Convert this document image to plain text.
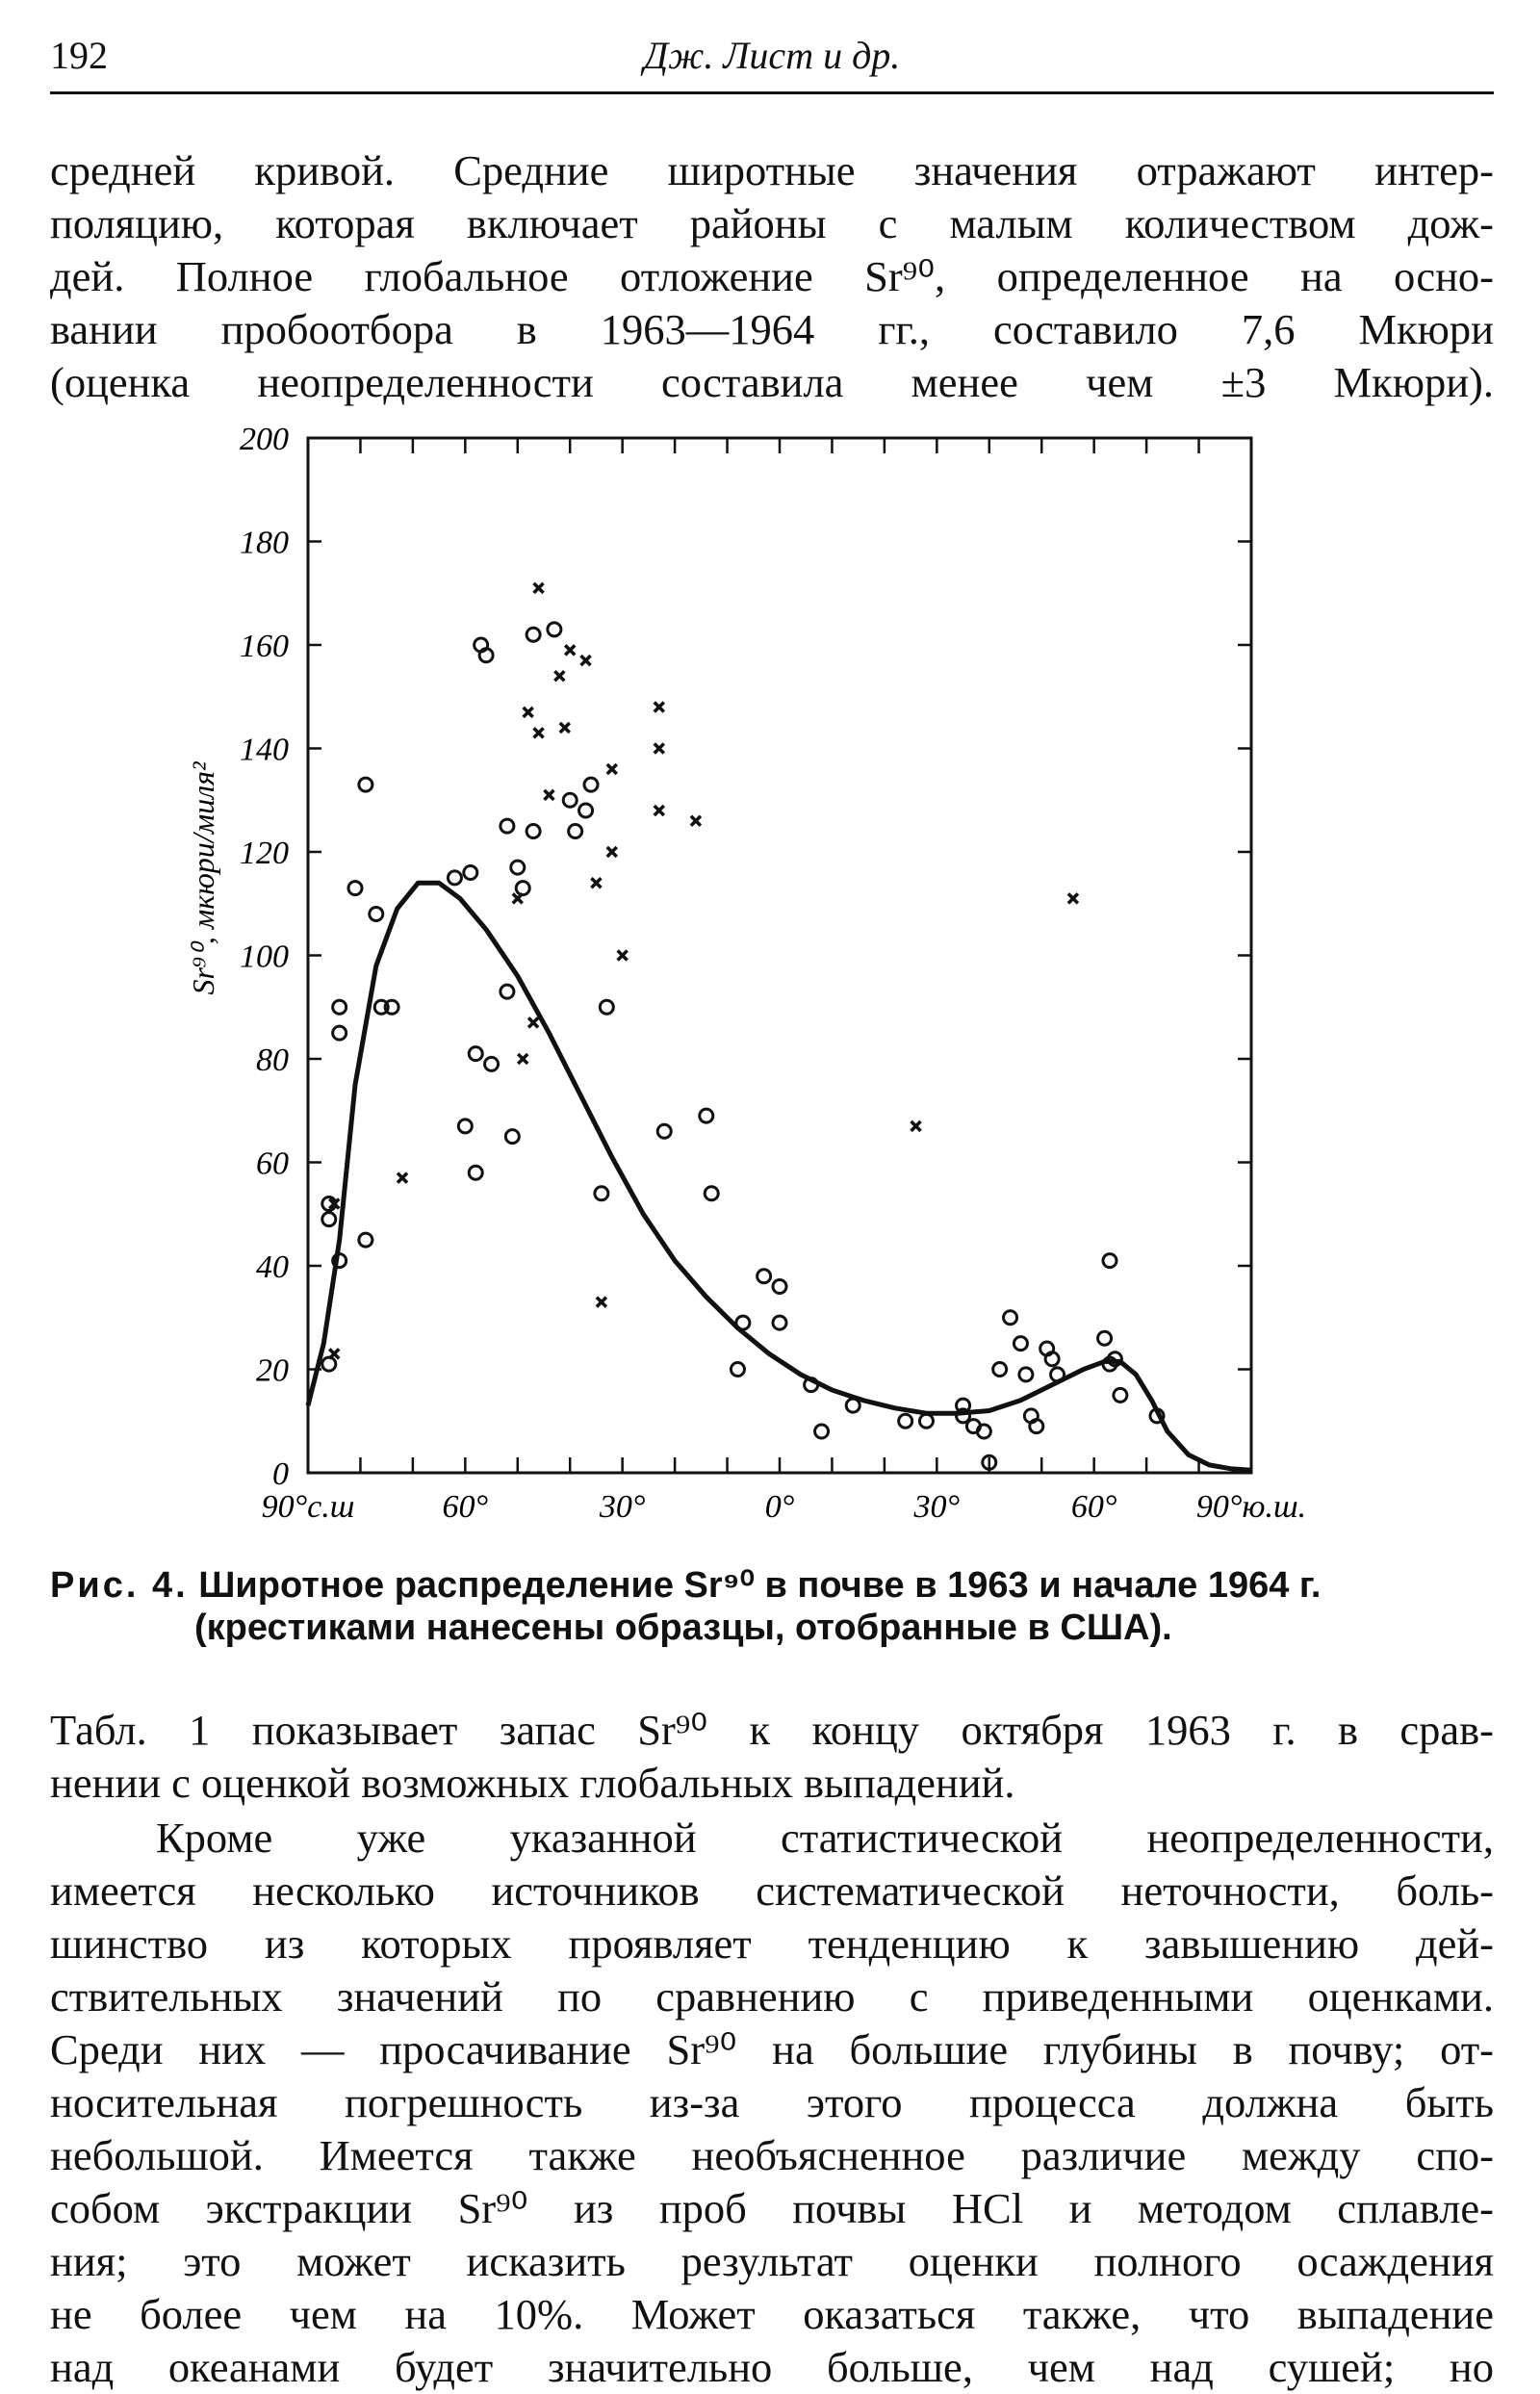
192	Дж. Лист и др.
средней кривой. Средние широтные значения отражают интер-
поляцию, которая включает районы с малым количеством дож-
дей. Полное глобальное отложение Sr⁹⁰, определенное на осно-
вании пробоотбора в 1963—1964 гг., составило 7,6 Мкюри
(оценка неопределенности составила менее чем ±3 Мкюри).
0
20
40
60
80
100
120
140
160
180
200
90°с.ш	60°	30°	0°	30°	60° 90°ю.ш.
Sr⁹⁰, мкюри/миля²
Рис. 4. Широтное распределение Sr⁹⁰ в почве в 1963 и начале 1964 г.
(крестиками нанесены образцы, отобранные в США).
Табл. 1 показывает запас Sr⁹⁰ к концу октября 1963 г. в срав-
нении с оценкой возможных глобальных выпадений.
Кроме уже указанной статистической неопределенности,
имеется несколько источников систематической неточности, боль-
шинство из которых проявляет тенденцию к завышению дей-
ствительных значений по сравнению с приведенными оценками.
Среди них — просачивание Sr⁹⁰ на большие глубины в почву; от-
носительная погрешность из-за этого процесса должна быть
небольшой. Имеется также необъясненное различие между спо-
собом экстракции Sr⁹⁰ из проб почвы HCl и методом сплавле-
ния; это может исказить результат оценки полного осаждения
не более чем на 10%. Может оказаться также, что выпадение
над океанами будет значительно больше, чем над сушей; но
